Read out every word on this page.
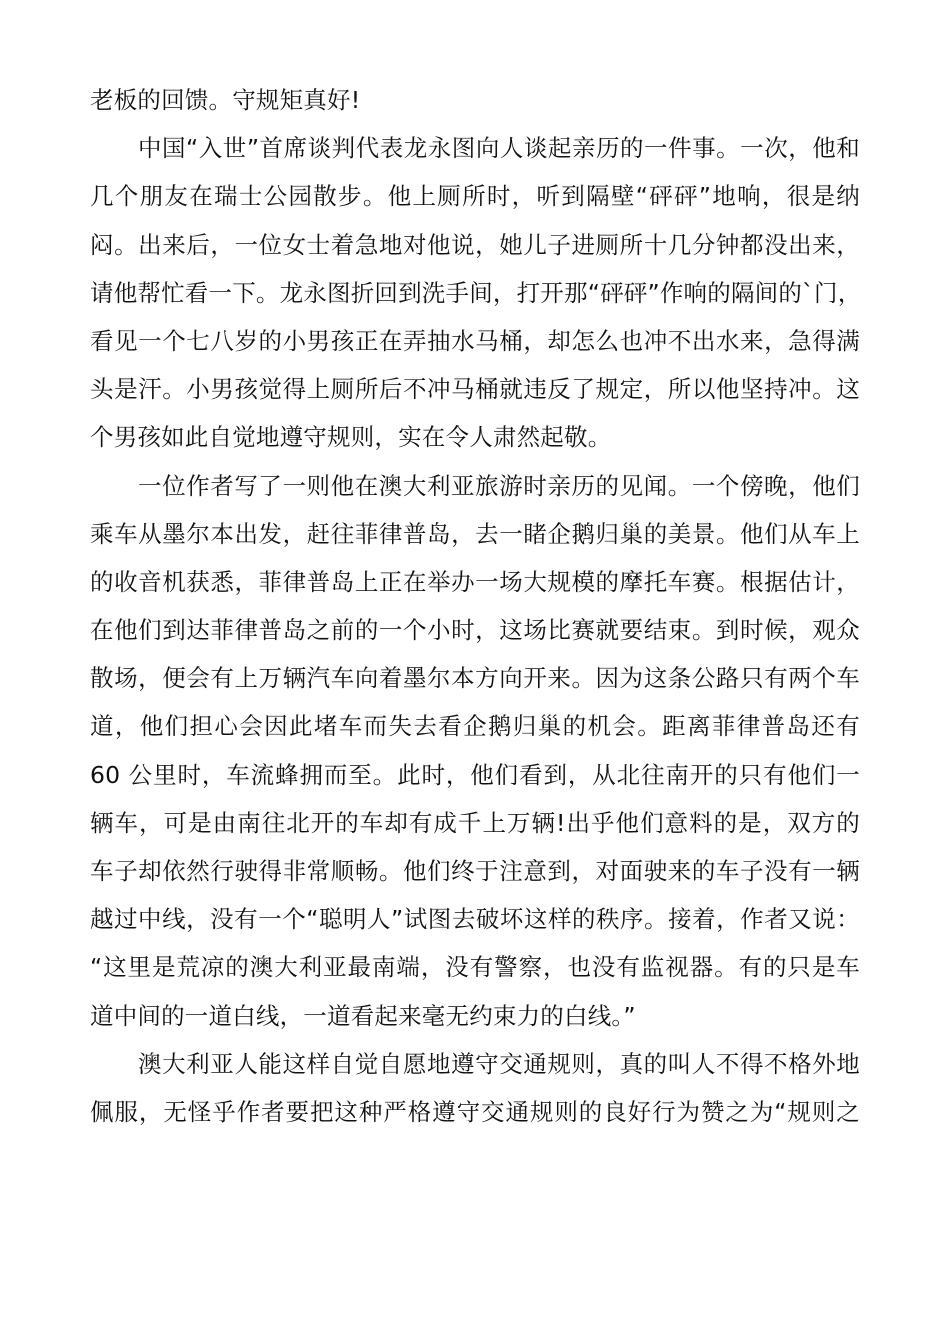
老板的回馈。守规矩真好!
中国“入世”首席谈判代表龙永图向人谈起亲历的一件事。一次，他和
几个朋友在瑞士公园散步。他上厕所时，听到隔壁“砰砰”地响，很是纳
闷。出来后，一位女士着急地对他说，她儿子进厕所十几分钟都没出来，
请他帮忙看一下。龙永图折回到洗手间，打开那“砰砰”作响的隔间的`门，
看见一个七八岁的小男孩正在弄抽水马桶，却怎么也冲不出水来，急得满
头是汗。小男孩觉得上厕所后不冲马桶就违反了规定，所以他坚持冲。这
个男孩如此自觉地遵守规则，实在令人肃然起敬。
一位作者写了一则他在澳大利亚旅游时亲历的见闻。一个傍晚，他们
乘车从墨尔本出发，赶往菲律普岛，去一睹企鹅归巢的美景。他们从车上
的收音机获悉，菲律普岛上正在举办一场大规模的摩托车赛。根据估计，
在他们到达菲律普岛之前的一个小时，这场比赛就要结束。到时候，观众
散场，便会有上万辆汽车向着墨尔本方向开来。因为这条公路只有两个车
道，他们担心会因此堵车而失去看企鹅归巢的机会。距离菲律普岛还有
60 公里时，车流蜂拥而至。此时，他们看到，从北往南开的只有他们一
辆车，可是由南往北开的车却有成千上万辆!出乎他们意料的是，双方的
车子却依然行驶得非常顺畅。他们终于注意到，对面驶来的车子没有一辆
越过中线，没有一个“聪明人”试图去破坏这样的秩序。接着，作者又说：
“这里是荒凉的澳大利亚最南端，没有警察，也没有监视器。有的只是车
道中间的一道白线，一道看起来毫无约束力的白线。”
澳大利亚人能这样自觉自愿地遵守交通规则，真的叫人不得不格外地
佩服，无怪乎作者要把这种严格遵守交通规则的良好行为赞之为“规则之
